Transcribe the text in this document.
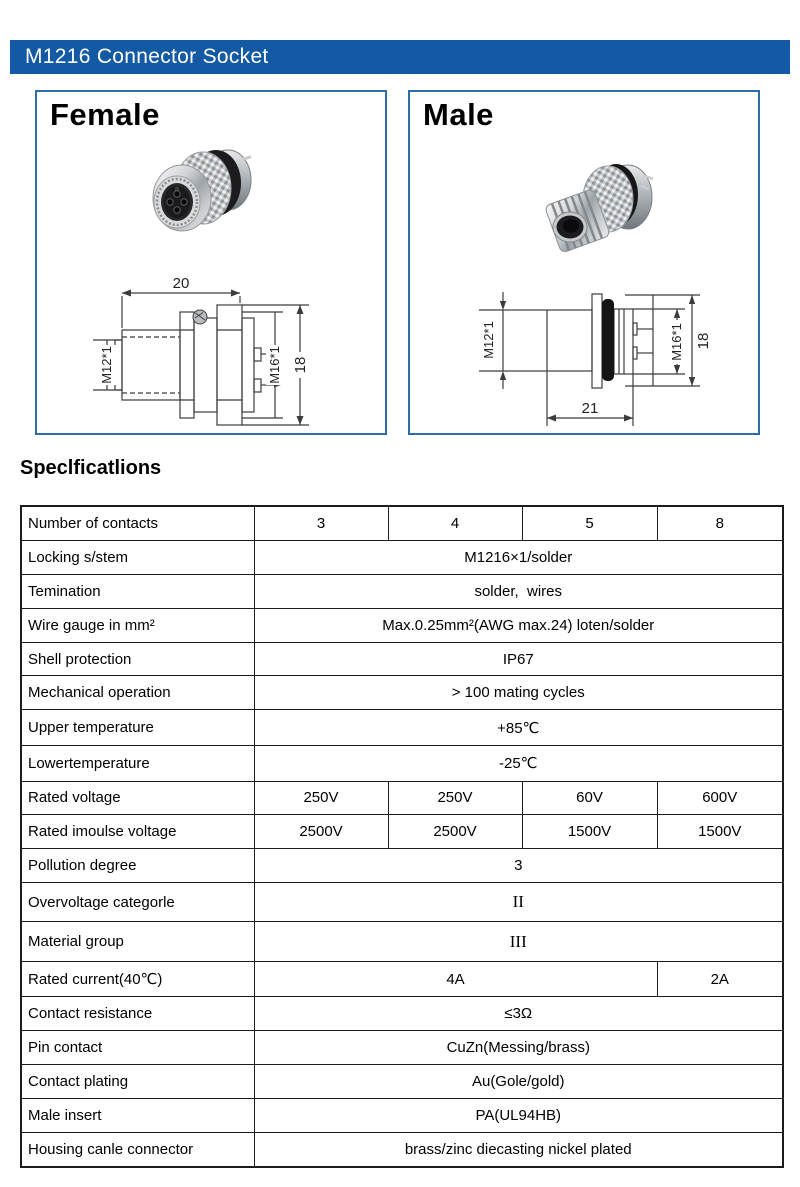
M1216 Connector Socket
Female
20
M12*1	M16*1 18
Male
M12*1	M16*1 18
21
Speclficatlions
Number of contacts	3	4	5	8
Locking s/stem	M1216×1/solder			
Temination	solder,  wires			
Wire gauge in mm²	Max.0.25mm²(AWG max.24) loten/solder			
Shell protection	IP67			
Mechanical operation	> 100 mating cycles			
Upper temperature	+85℃			
Lowertemperature	-25℃			
Rated voltage	250V	250V	60V	600V
Rated imoulse voltage	2500V	2500V	1500V	1500V
Pollution degree	3			
Overvoltage categorle	II			
Material group	III			
Rated current(40℃)	4A			2A
Contact resistance	≤3Ω			
Pin contact	CuZn(Messing/brass)			
Contact plating	Au(Gole/gold)			
Male insert	PA(UL94HB)			
Housing canle connector	brass/zinc diecasting nickel plated			
